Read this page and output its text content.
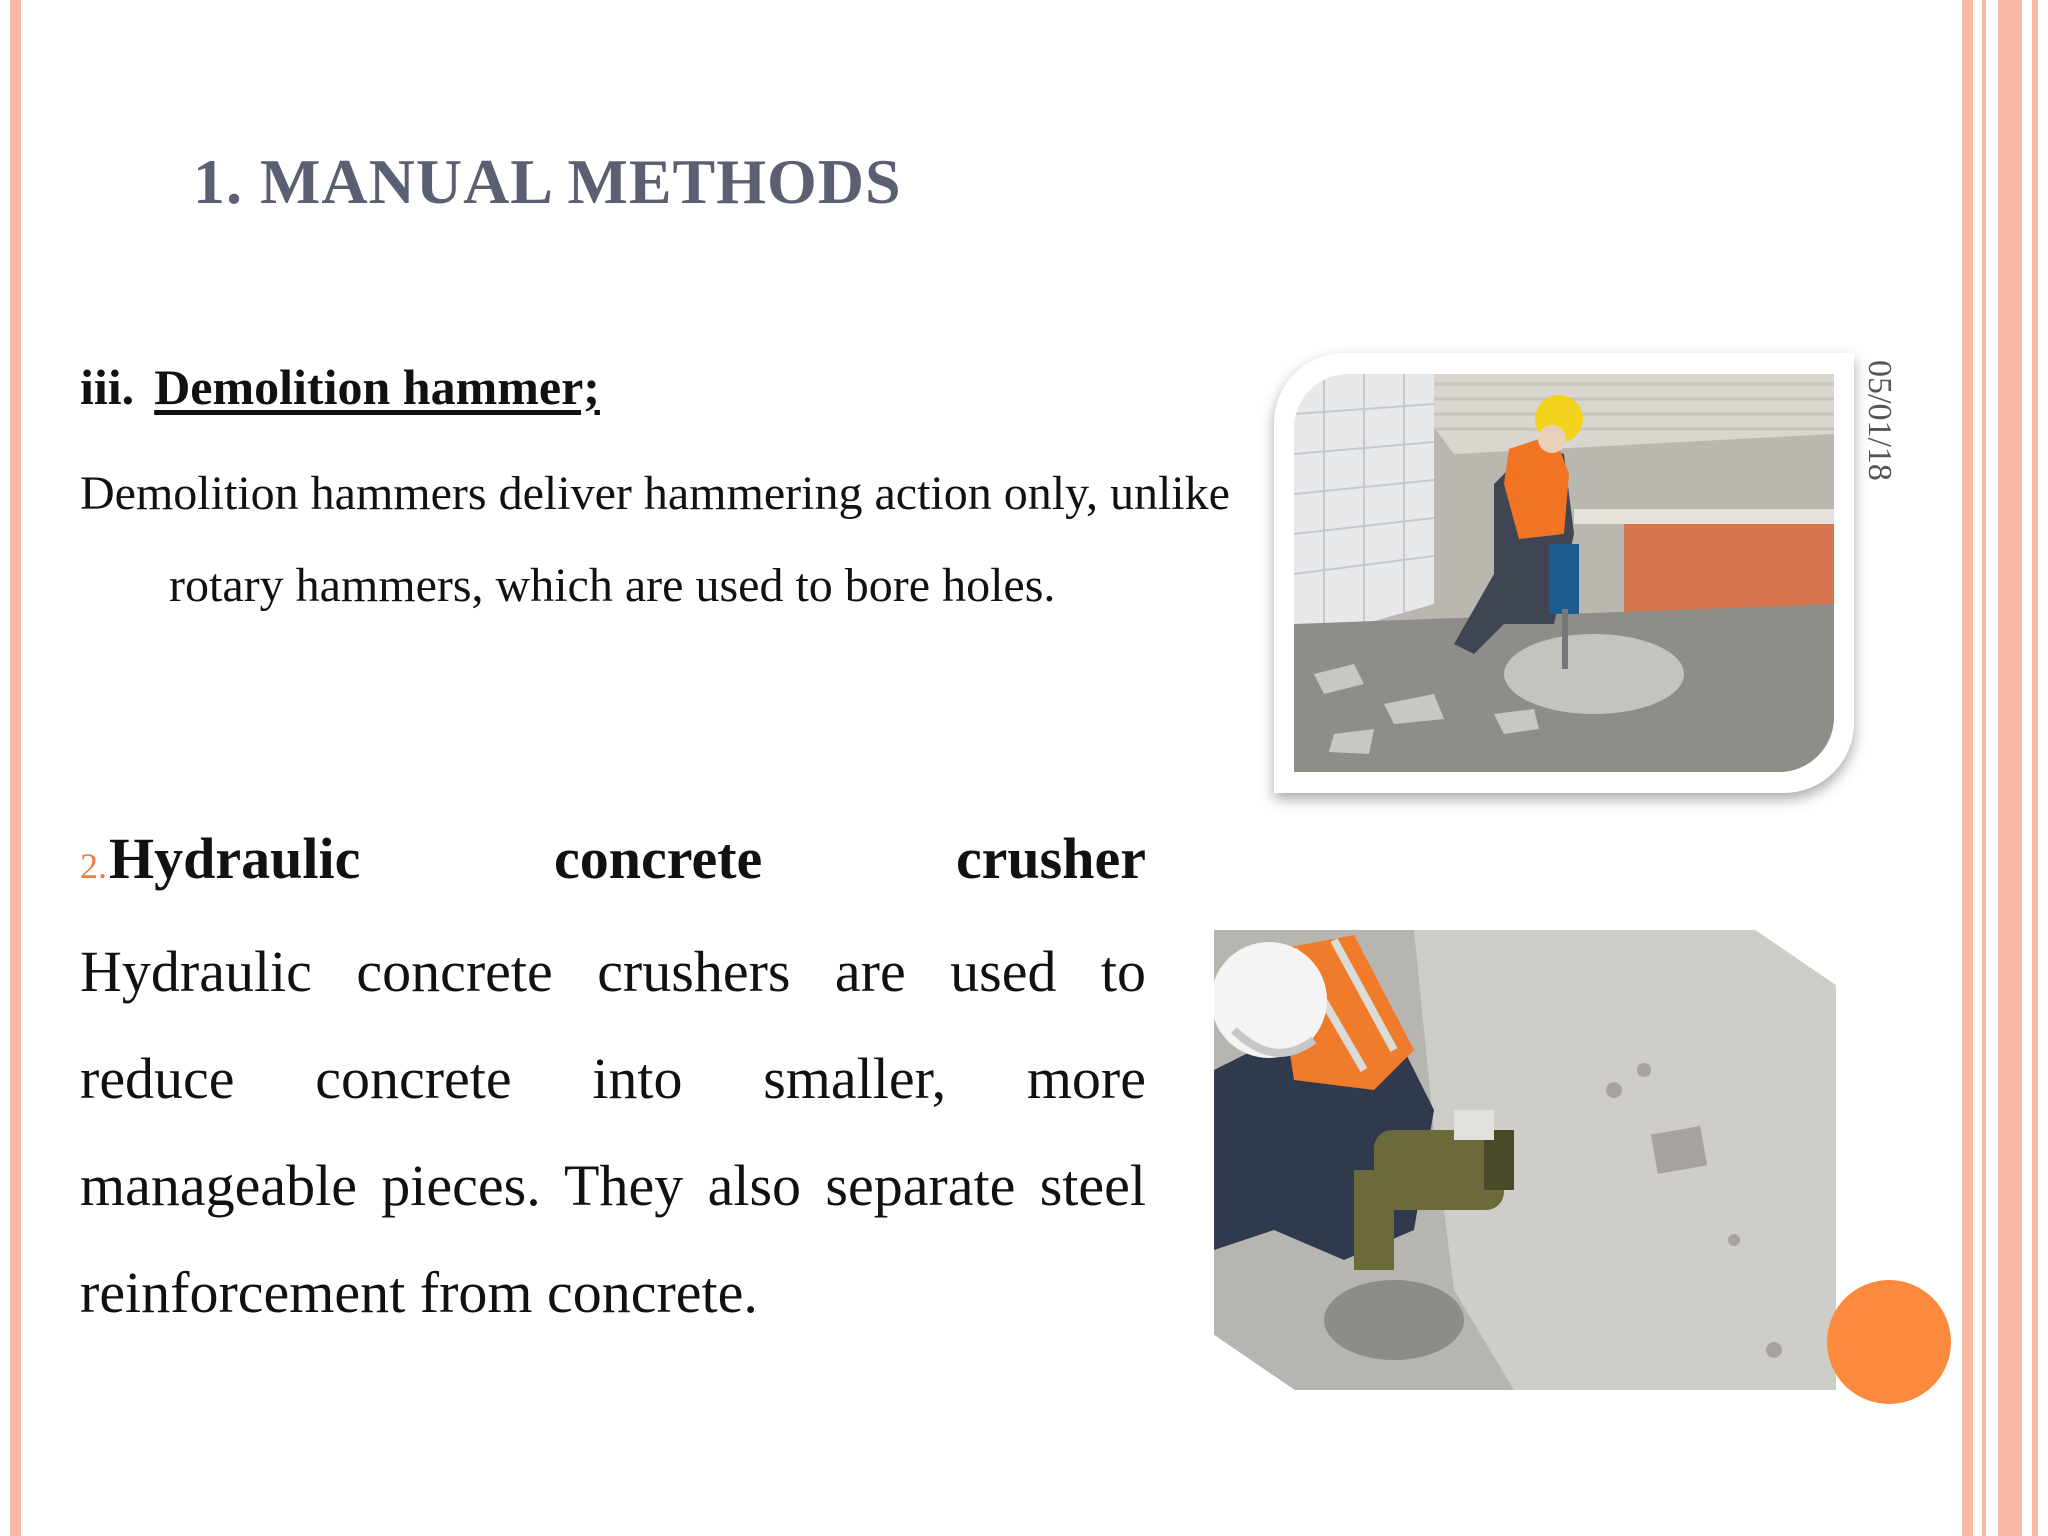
1. MANUAL METHODS
iii. Demolition hammer;
Demolition hammers deliver hammering action only, unlike rotary hammers, which are used to bore holes.
2.Hydraulic	concrete	crusher
Hydraulic concrete crushers are used to reduce concrete into smaller, more manageable pieces. They also separate steel reinforcement from concrete.
05/01/18
